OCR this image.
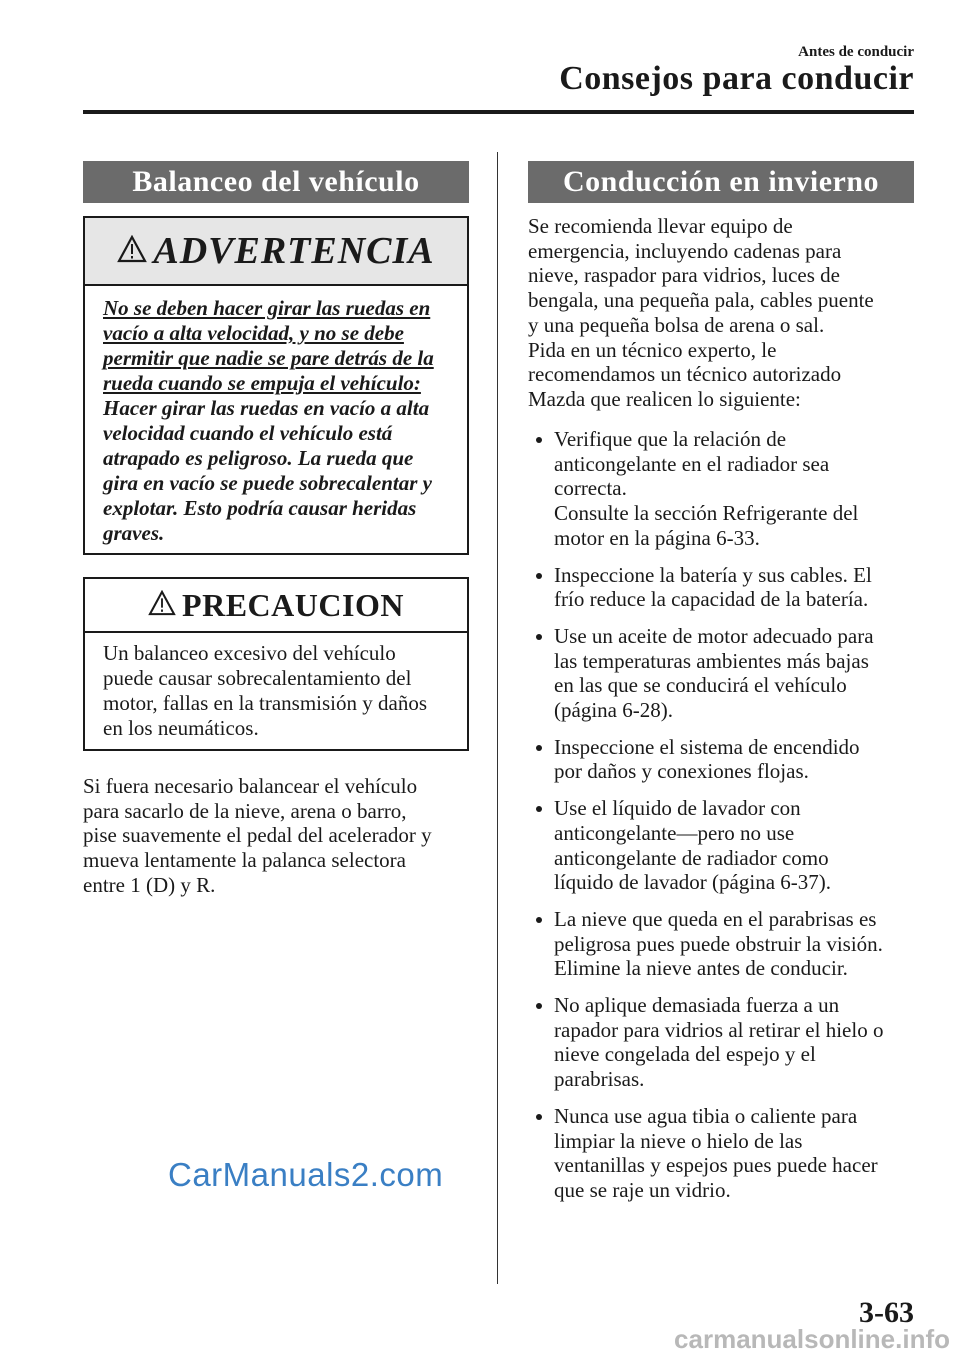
Antes de conducir
Consejos para conducir
Balanceo del vehículo
ADVERTENCIA
No se deben hacer girar las ruedas en
vacío a alta velocidad, y no se debe
permitir que nadie se pare detrás de la
rueda cuando se empuja el vehículo:
Hacer girar las ruedas en vacío a alta
velocidad cuando el vehículo está
atrapado es peligroso. La rueda que
gira en vacío se puede sobrecalentar y
explotar. Esto podría causar heridas
graves.
PRECAUCION
Un balanceo excesivo del vehículo
puede causar sobrecalentamiento del
motor, fallas en la transmisión y daños
en los neumáticos.
Si fuera necesario balancear el vehículo
para sacarlo de la nieve, arena o barro,
pise suavemente el pedal del acelerador y
mueva lentamente la palanca selectora
entre 1 (D) y R.
CarManuals2.com
Conducción en invierno
Se recomienda llevar equipo de
emergencia, incluyendo cadenas para
nieve, raspador para vidrios, luces de
bengala, una pequeña pala, cables puente
y una pequeña bolsa de arena o sal.
Pida en un técnico experto, le
recomendamos un técnico autorizado
Mazda que realicen lo siguiente:
Verifique que la relación de
anticongelante en el radiador sea
correcta.
Consulte la sección Refrigerante del
motor en la página 6-33.
Inspeccione la batería y sus cables. El
frío reduce la capacidad de la batería.
Use un aceite de motor adecuado para
las temperaturas ambientes más bajas
en las que se conducirá el vehículo
(página 6-28).
Inspeccione el sistema de encendido
por daños y conexiones flojas.
Use el líquido de lavador con
anticongelante―pero no use
anticongelante de radiador como
líquido de lavador (página 6-37).
La nieve que queda en el parabrisas es
peligrosa pues puede obstruir la visión.
Elimine la nieve antes de conducir.
No aplique demasiada fuerza a un
rapador para vidrios al retirar el hielo o
nieve congelada del espejo y el
parabrisas.
Nunca use agua tibia o caliente para
limpiar la nieve o hielo de las
ventanillas y espejos pues puede hacer
que se raje un vidrio.
3-63
carmanualsonline.info
